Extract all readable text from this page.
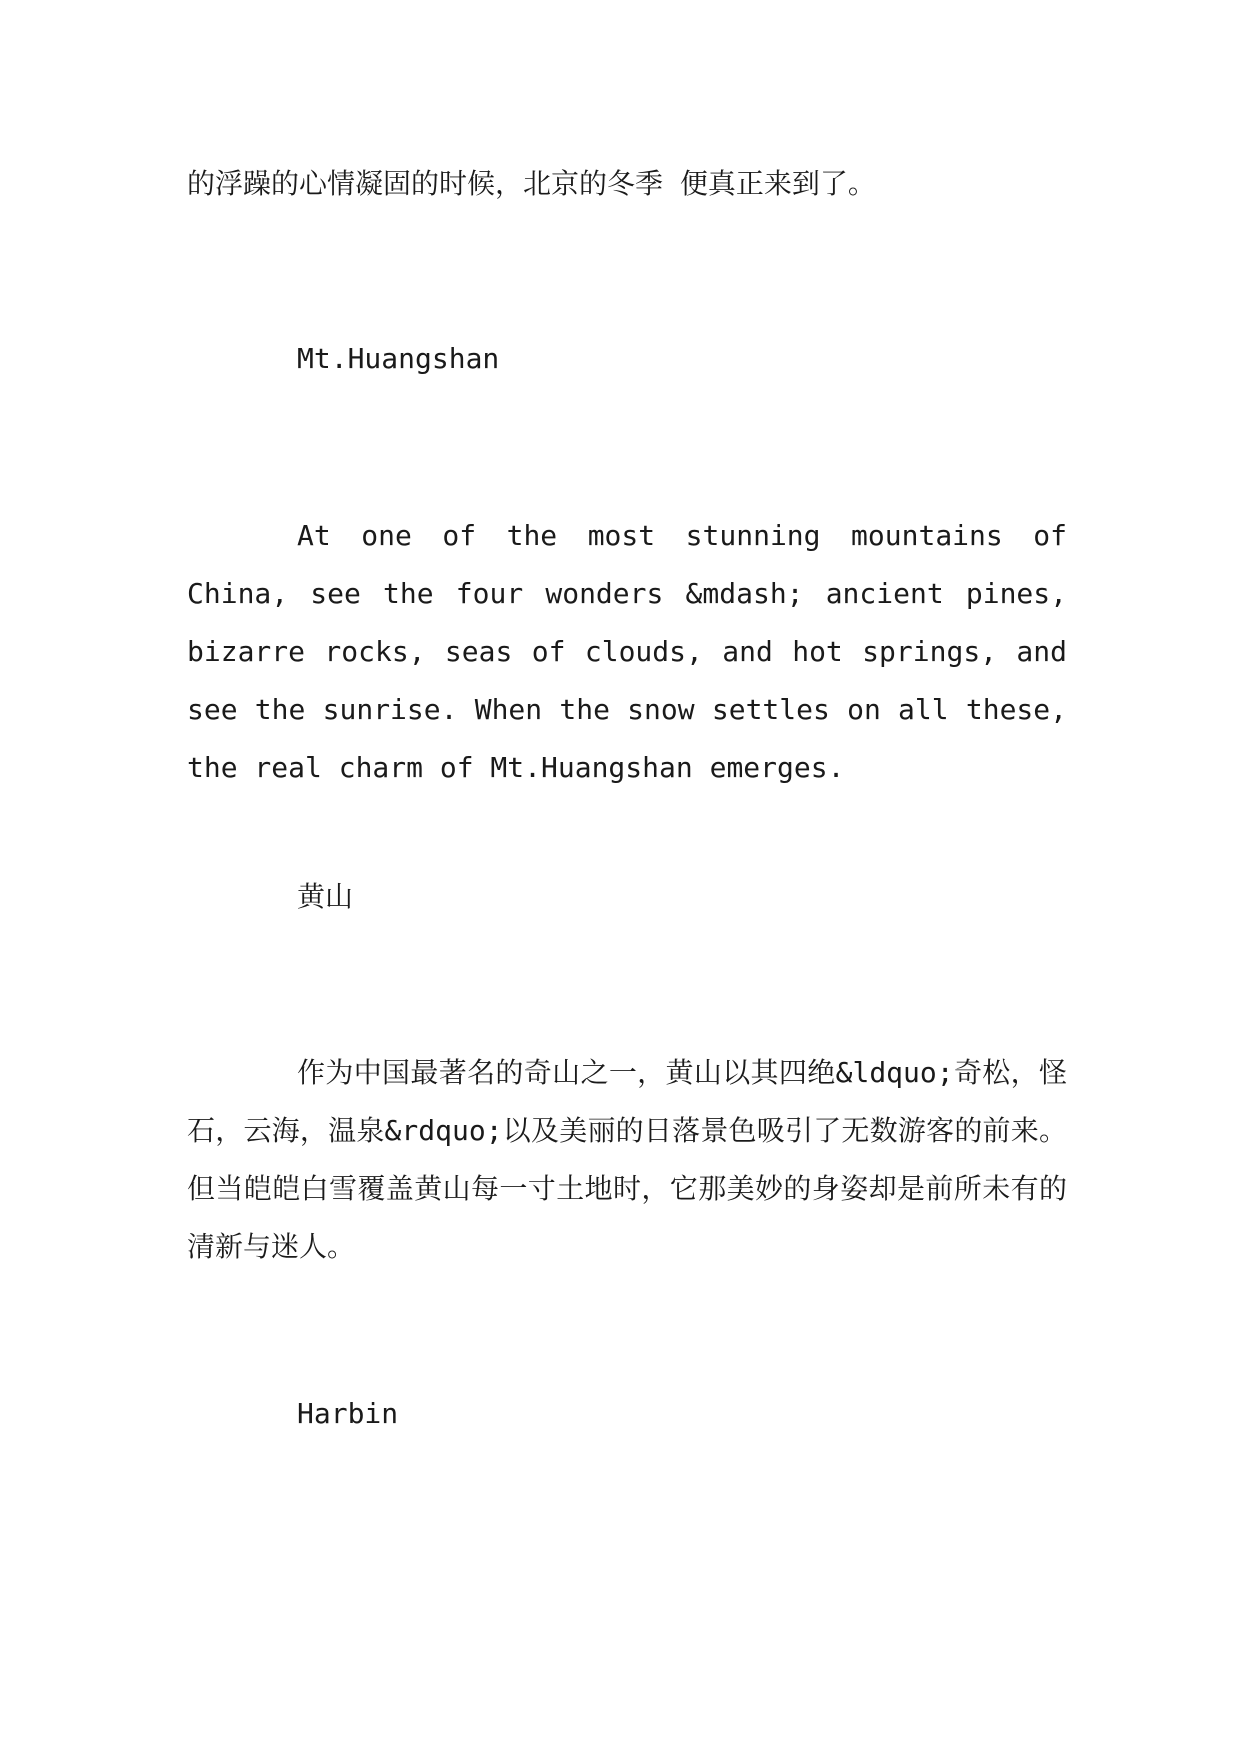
的浮躁的心情凝固的时候，北京的冬季 便真正来到了。

Mt.Huangshan

At one of the most stunning mountains of China, see the four wonders &mdash; ancient pines, bizarre rocks, seas of clouds, and hot springs, and see the sunrise. When the snow settles on all these, the real charm of Mt.Huangshan emerges.

黄山

作为中国最著名的奇山之一，黄山以其四绝&ldquo;奇松，怪石，云海，温泉&rdquo;以及美丽的日落景色吸引了无数游客的前来。但当皑皑白雪覆盖黄山每一寸土地时，它那美妙的身姿却是前所未有的清新与迷人。

Harbin
